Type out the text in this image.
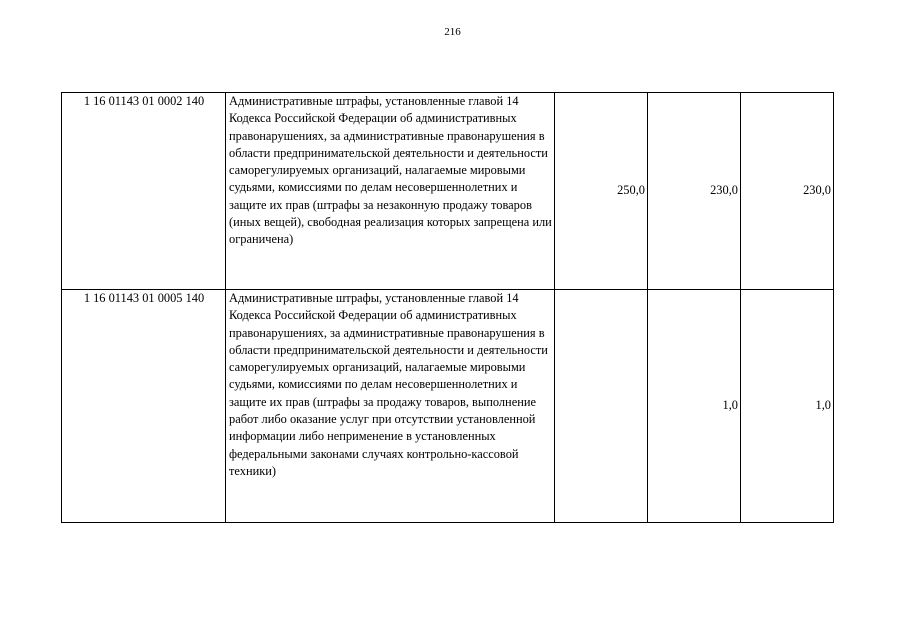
216
1 16 01143 01 0002 140	Административные штрафы, установленные главой 14 Кодекса Российской Федерации об административных правонарушениях, за административные правонарушения в области предпринимательской деятельности и деятельности саморегулируемых организаций, налагаемые мировыми судьями, комиссиями по делам несовершеннолетних и защите их прав (штрафы за незаконную продажу товаров (иных вещей), свободная реализация которых запрещена или ограничена)	250,0	230,0	230,0
1 16 01143 01 0005 140	Административные штрафы, установленные главой 14 Кодекса Российской Федерации об административных правонарушениях, за административные правонарушения в области предпринимательской деятельности и деятельности саморегулируемых организаций, налагаемые мировыми судьями, комиссиями по делам несовершеннолетних и защите их прав (штрафы за продажу товаров, выполнение работ либо оказание услуг при отсутствии установленной информации либо неприменение в установленных федеральными законами случаях контрольно-кассовой техники)		1,0	1,0
